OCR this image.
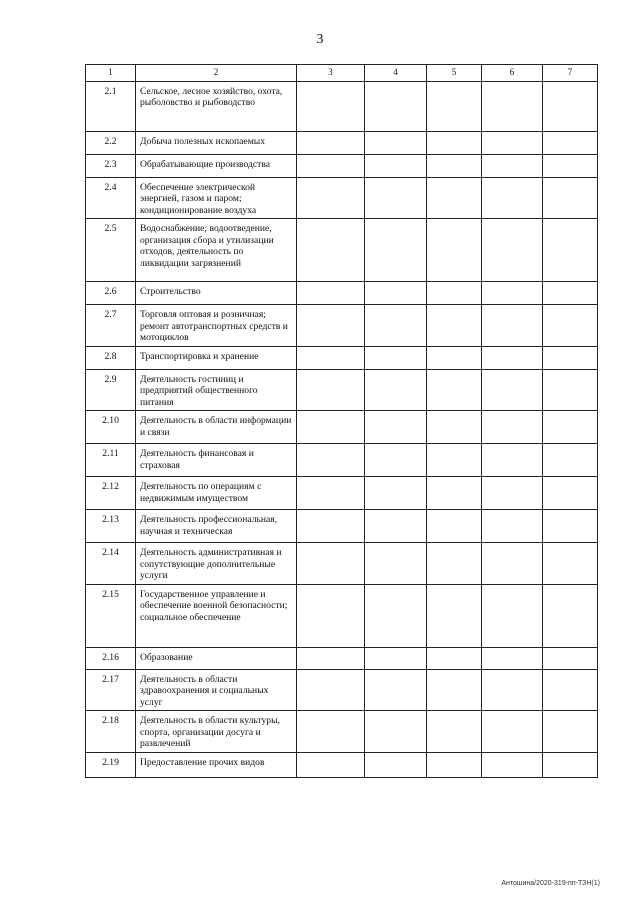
3
1	2	3	4	5	6	7
2.1	Сельское, лесное хозяйство, охота, рыболовство и рыбоводство					
2.2	Добыча полезных ископаемых					
2.3	Обрабатывающие производства					
2.4	Обеспечение электрической энергией, газом и паром; кондиционирование воздуха					
2.5	Водоснабжение; водоотведение, организация сбора и утилизации отходов, деятельность по ликвидации загрязнений					
2.6	Строительство					
2.7	Торговля оптовая и розничная; ремонт автотранспортных средств и мотоциклов					
2.8	Транспортировка и хранение					
2.9	Деятельность гостиниц и предприятий общественного питания					
2.10	Деятельность в области информации и связи					
2.11	Деятельность финансовая и страховая					
2.12	Деятельность по операциям с недвижимым имуществом					
2.13	Деятельность профессиональная, научная и техническая					
2.14	Деятельность административная и сопутствующие дополнительные услуги					
2.15	Государственное управление и обеспечение военной безопасности; социальное обеспечение					
2.16	Образование					
2.17	Деятельность в области здравоохранения и социальных услуг					
2.18	Деятельность в области культуры, спорта, организации досуга и развлечений					
2.19	Предоставление прочих видов					
Антошина/2020-319-пп-ТЗН(1)
